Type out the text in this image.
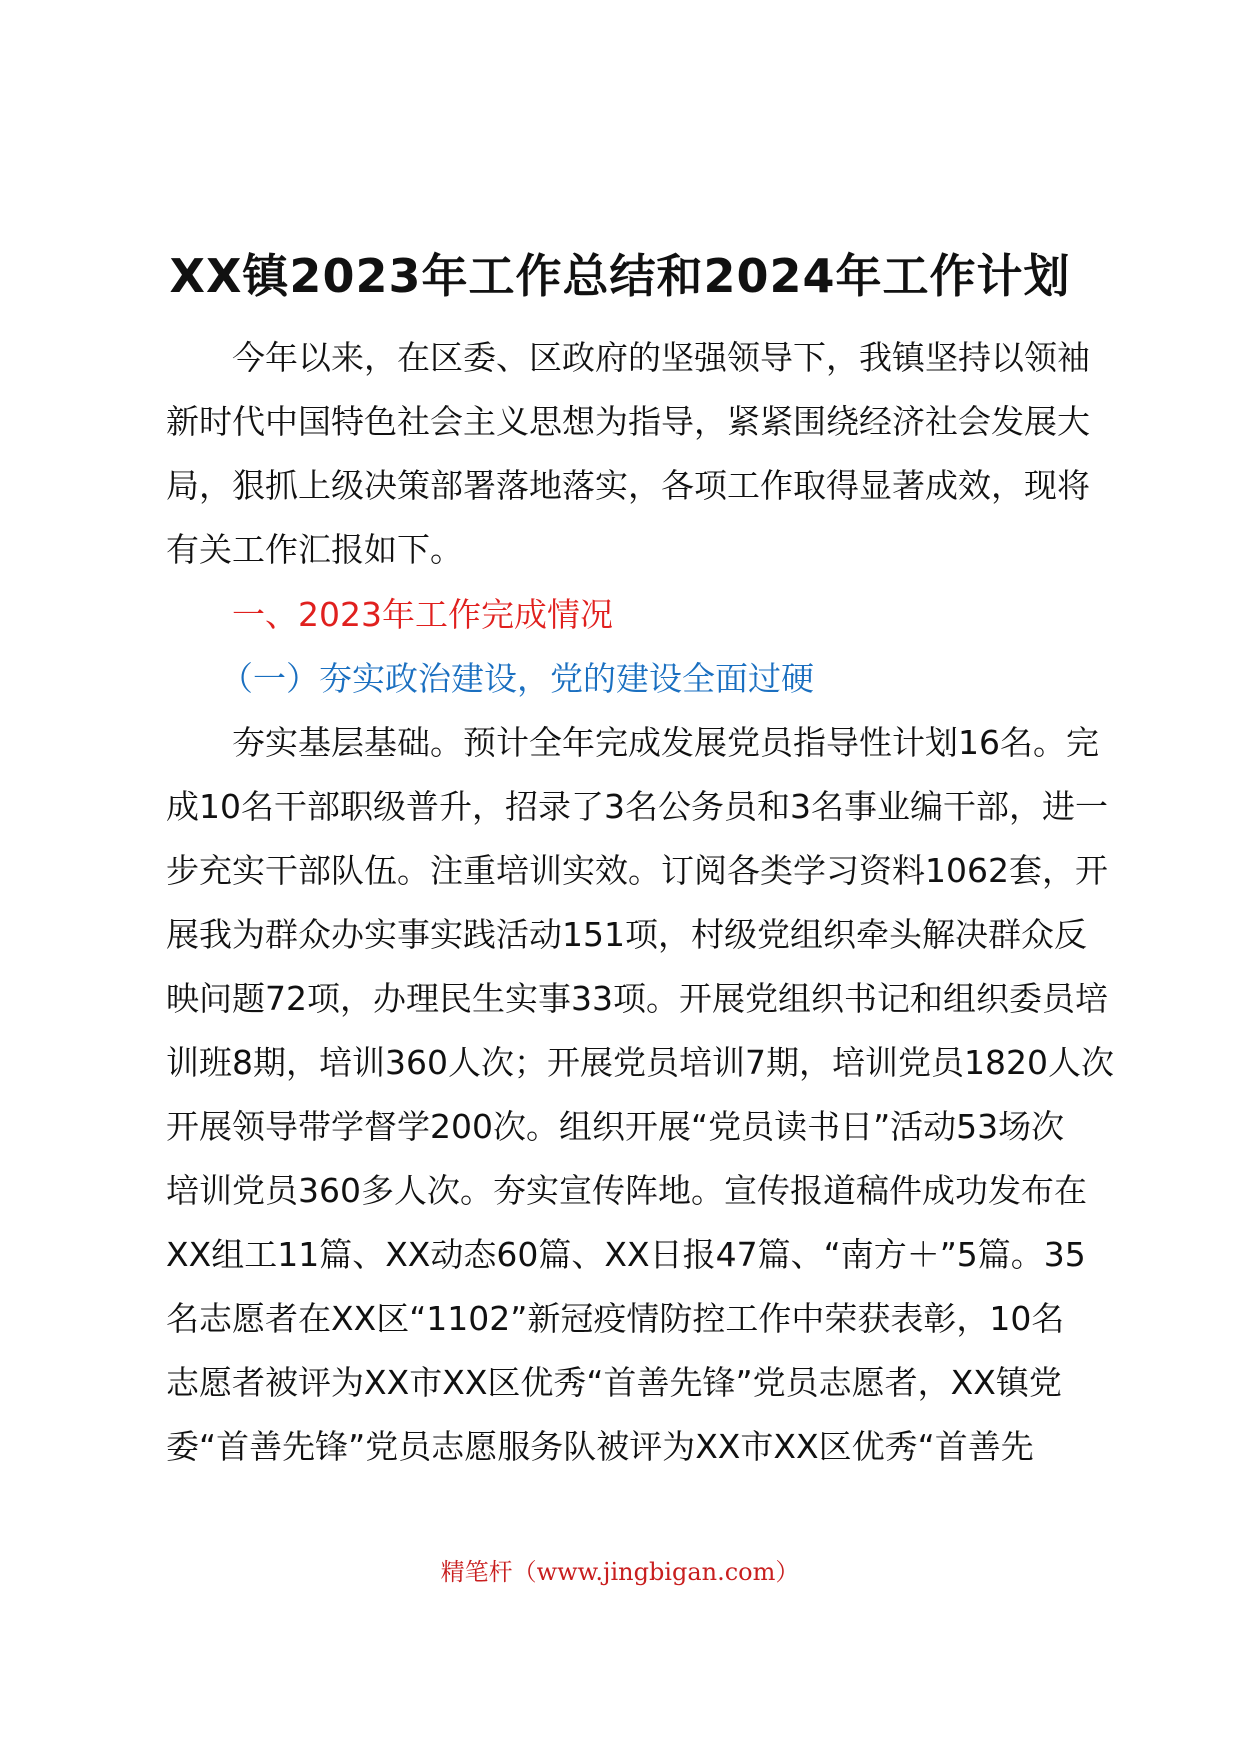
XX镇2023年工作总结和2024年工作计划
今年以来，在区委、区政府的坚强领导下，我镇坚持以领袖
新时代中国特色社会主义思想为指导，紧紧围绕经济社会发展大
局，狠抓上级决策部署落地落实，各项工作取得显著成效，现将
有关工作汇报如下。
一、2023年工作完成情况
（一）夯实政治建设，党的建设全面过硬
夯实基层基础。预计全年完成发展党员指导性计划16名。完
成10名干部职级普升，招录了3名公务员和3名事业编干部，进一
步充实干部队伍。注重培训实效。订阅各类学习资料1062套，开
展我为群众办实事实践活动151项，村级党组织牵头解决群众反
映问题72项，办理民生实事33项。开展党组织书记和组织委员培
训班8期，培训360人次；开展党员培训7期，培训党员1820人次
开展领导带学督学200次。组织开展“党员读书日”活动53场次
培训党员360多人次。夯实宣传阵地。宣传报道稿件成功发布在
XX组工11篇、XX动态60篇、XX日报47篇、“南方＋”5篇。35
名志愿者在XX区“1102”新冠疫情防控工作中荣获表彰，10名
志愿者被评为XX市XX区优秀“首善先锋”党员志愿者，XX镇党
委“首善先锋”党员志愿服务队被评为XX市XX区优秀“首善先
精笔杆（www.jingbigan.com）
